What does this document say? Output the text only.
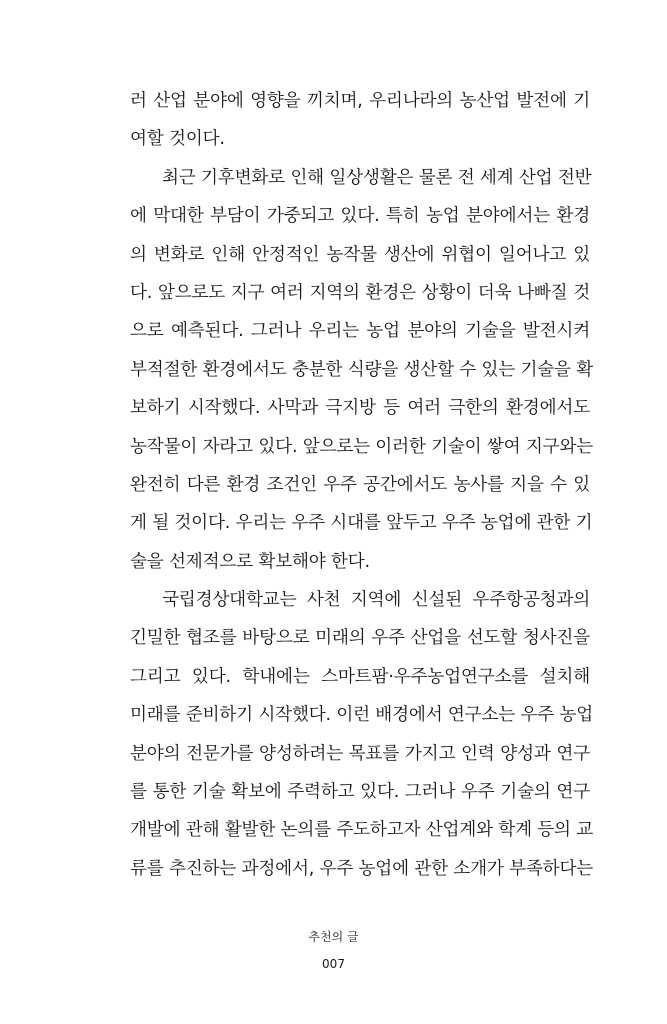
러 산업 분야에 영향을 끼치며, 우리나라의 농산업 발전에 기
여할 것이다.
최근 기후변화로 인해 일상생활은 물론 전 세계 산업 전반
에 막대한 부담이 가중되고 있다. 특히 농업 분야에서는 환경
의 변화로 인해 안정적인 농작물 생산에 위협이 일어나고 있
다. 앞으로도 지구 여러 지역의 환경은 상황이 더욱 나빠질 것
으로 예측된다. 그러나 우리는 농업 분야의 기술을 발전시켜
부적절한 환경에서도 충분한 식량을 생산할 수 있는 기술을 확
보하기 시작했다. 사막과 극지방 등 여러 극한의 환경에서도
농작물이 자라고 있다. 앞으로는 이러한 기술이 쌓여 지구와는
완전히 다른 환경 조건인 우주 공간에서도 농사를 지을 수 있
게 될 것이다. 우리는 우주 시대를 앞두고 우주 농업에 관한 기
술을 선제적으로 확보해야 한다.
국립경상대학교는 사천 지역에 신설된 우주항공청과의
긴밀한 협조를 바탕으로 미래의 우주 산업을 선도할 청사진을
그리고 있다. 학내에는 스마트팜·우주농업연구소를 설치해
미래를 준비하기 시작했다. 이런 배경에서 연구소는 우주 농업
분야의 전문가를 양성하려는 목표를 가지고 인력 양성과 연구
를 통한 기술 확보에 주력하고 있다. 그러나 우주 기술의 연구
개발에 관해 활발한 논의를 주도하고자 산업계와 학계 등의 교
류를 추진하는 과정에서, 우주 농업에 관한 소개가 부족하다는
추천의 글
007
